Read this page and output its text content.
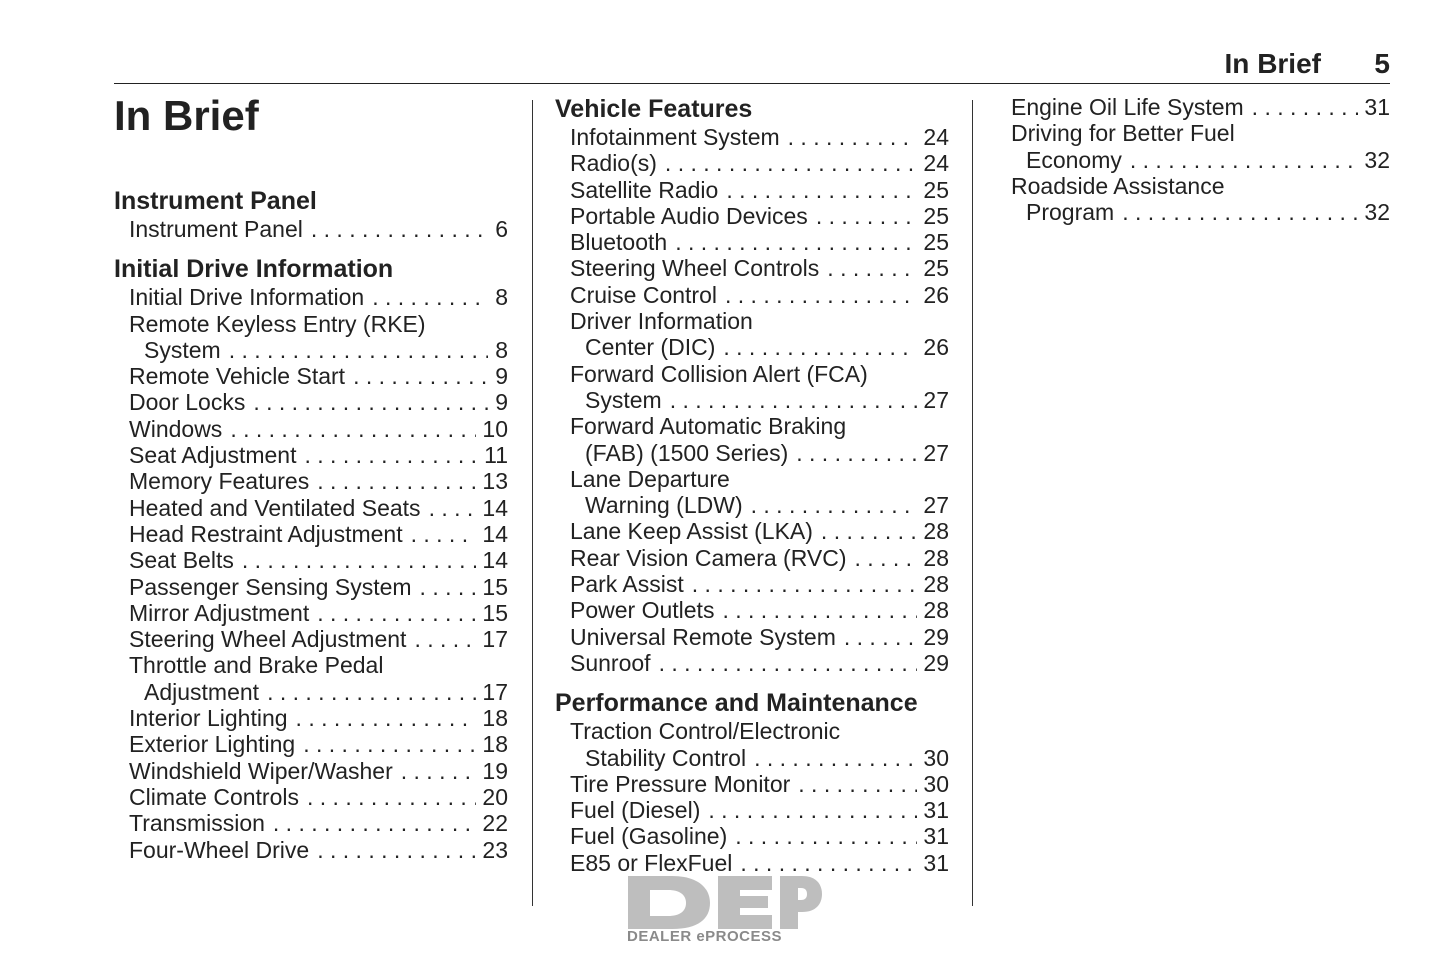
In Brief 5
In Brief
Instrument Panel
Instrument Panel . . .	6
Initial Drive Information
Initial Drive Information . . .	8
Remote Keyless Entry (RKE)
System . . .	8
Remote Vehicle Start . . .	9
Door Locks . . .	9
Windows . . .	10
Seat Adjustment . . .	11
Memory Features . . .	13
Heated and Ventilated Seats . . .	14
Head Restraint Adjustment . . .	14
Seat Belts . . .	14
Passenger Sensing System . . .	15
Mirror Adjustment . . .	15
Steering Wheel Adjustment . . .	17
Throttle and Brake Pedal
Adjustment . . .	17
Interior Lighting . . .	18
Exterior Lighting . . .	18
Windshield Wiper/Washer . . .	19
Climate Controls . . .	20
Transmission . . .	22
Four-Wheel Drive . . .	23
Vehicle Features
Infotainment System . . .	24
Radio(s) . . .	24
Satellite Radio . . .	25
Portable Audio Devices . . .	25
Bluetooth . . .	25
Steering Wheel Controls . . .	25
Cruise Control . . .	26
Driver Information
Center (DIC) . . .	26
Forward Collision Alert (FCA)
System . . .	27
Forward Automatic Braking
(FAB) (1500 Series) . . .	27
Lane Departure
Warning (LDW) . . .	27
Lane Keep Assist (LKA) . . .	28
Rear Vision Camera (RVC) . . .	28
Park Assist . . .	28
Power Outlets . . .	28
Universal Remote System . . .	29
Sunroof . . .	29
Performance and Maintenance
Traction Control/Electronic
Stability Control . . .	30
Tire Pressure Monitor . . .	30
Fuel (Diesel) . . .	31
Fuel (Gasoline) . . .	31
E85 or FlexFuel . . .	31
Engine Oil Life System . . .	31
Driving for Better Fuel
Economy . . .	32
Roadside Assistance
Program . . .	32
DEALER ePROCESS
